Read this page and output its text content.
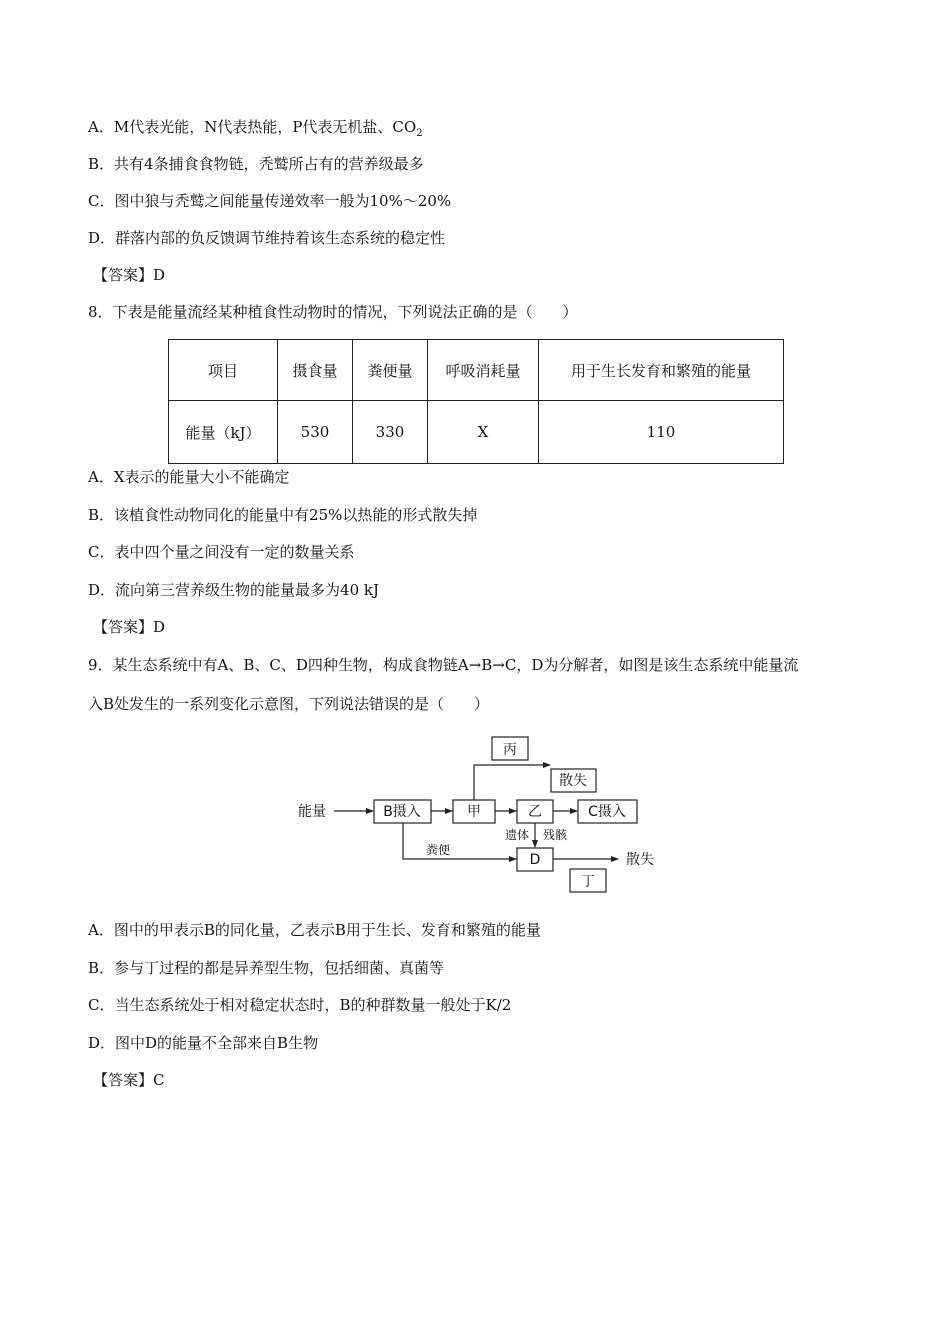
A．M代表光能，N代表热能，P代表无机盐、$CO_2$
B．共有4条捕食食物链，秃鹫所占有的营养级最多
C．图中狼与秃鹫之间能量传递效率一般为10%～20%
D．群落内部的负反馈调节维持着该生态系统的稳定性
【答案】D
8．下表是能量流经某种植食性动物时的情况，下列说法正确的是（　　）
项目	摄食量	粪便量	呼吸消耗量	用于生长发育和繁殖的能量
能量（kJ）	530	330	X	110
A．X表示的能量大小不能确定
B．该植食性动物同化的能量中有25%以热能的形式散失掉
C．表中四个量之间没有一定的数量关系
D．流向第三营养级生物的能量最多为40 kJ
【答案】D
9．某生态系统中有A、B、C、D四种生物，构成食物链A→B→C，D为分解者，如图是该生态系统中能量流
入B处发生的一系列变化示意图，下列说法错误的是（　　）
能量	B摄入	甲	乙	C摄入
丙
散失
D
丁
散失
遗体 残骸
粪便
A．图中的甲表示B的同化量，乙表示B用于生长、发育和繁殖的能量
B．参与丁过程的都是异养型生物，包括细菌、真菌等
C．当生态系统处于相对稳定状态时，B的种群数量一般处于K/2
D．图中D的能量不全部来自B生物
【答案】C
